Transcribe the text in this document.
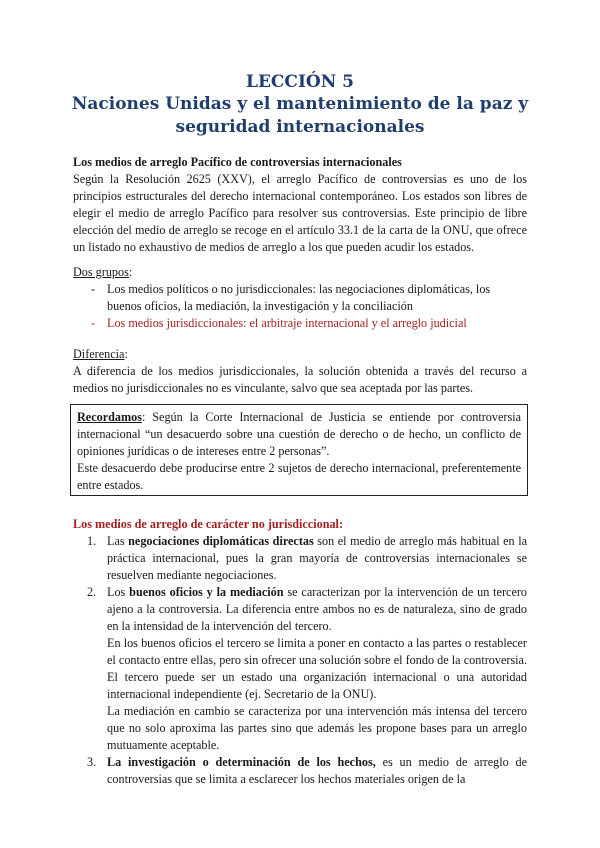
LECCIÓN 5
Naciones Unidas y el mantenimiento de la paz y seguridad internacionales
Los medios de arreglo Pacífico de controversias internacionales
Según la Resolución 2625 (XXV), el arreglo Pacífico de controversias es uno de los principios estructurales del derecho internacional contemporáneo. Los estados son libres de elegir el medio de arreglo Pacífico para resolver sus controversias. Este principio de libre elección del medio de arreglo se recoge en el artículo 33.1 de la carta de la ONU, que ofrece un listado no exhaustivo de medios de arreglo a los que pueden acudir los estados.
Dos grupos:
- Los medios políticos o no jurisdiccionales: las negociaciones diplomáticas, los buenos oficios, la mediación, la investigación y la conciliación
- Los medios jurisdiccionales: el arbitraje internacional y el arreglo judicial
Diferencia:
A diferencia de los medios jurisdiccionales, la solución obtenida a través del recurso a medios no jurisdiccionales no es vinculante, salvo que sea aceptada por las partes.
Recordamos: Según la Corte Internacional de Justicia se entiende por controversia internacional “un desacuerdo sobre una cuestión de derecho o de hecho, un conflicto de opiniones jurídicas o de intereses entre 2 personas”.
Este desacuerdo debe producirse entre 2 sujetos de derecho internacional, preferentemente entre estados.
Los medios de arreglo de carácter no jurisdiccional:
1. Las negociaciones diplomáticas directas son el medio de arreglo más habitual en la práctica internacional, pues la gran mayoría de controversias internacionales se resuelven mediante negociaciones.
2. Los buenos oficios y la mediación se caracterizan por la intervención de un tercero ajeno a la controversia. La diferencia entre ambos no es de naturaleza, sino de grado en la intensidad de la intervención del tercero.
En los buenos oficios el tercero se limita a poner en contacto a las partes o restablecer el contacto entre ellas, pero sin ofrecer una solución sobre el fondo de la controversia. El tercero puede ser un estado una organización internacional o una autoridad internacional independiente (ej. Secretario de la ONU).
La mediación en cambio se caracteriza por una intervención más intensa del tercero que no solo aproxima las partes sino que además les propone bases para un arreglo mutuamente aceptable.
3. La investigación o determinación de los hechos, es un medio de arreglo de controversias que se limita a esclarecer los hechos materiales origen de la
